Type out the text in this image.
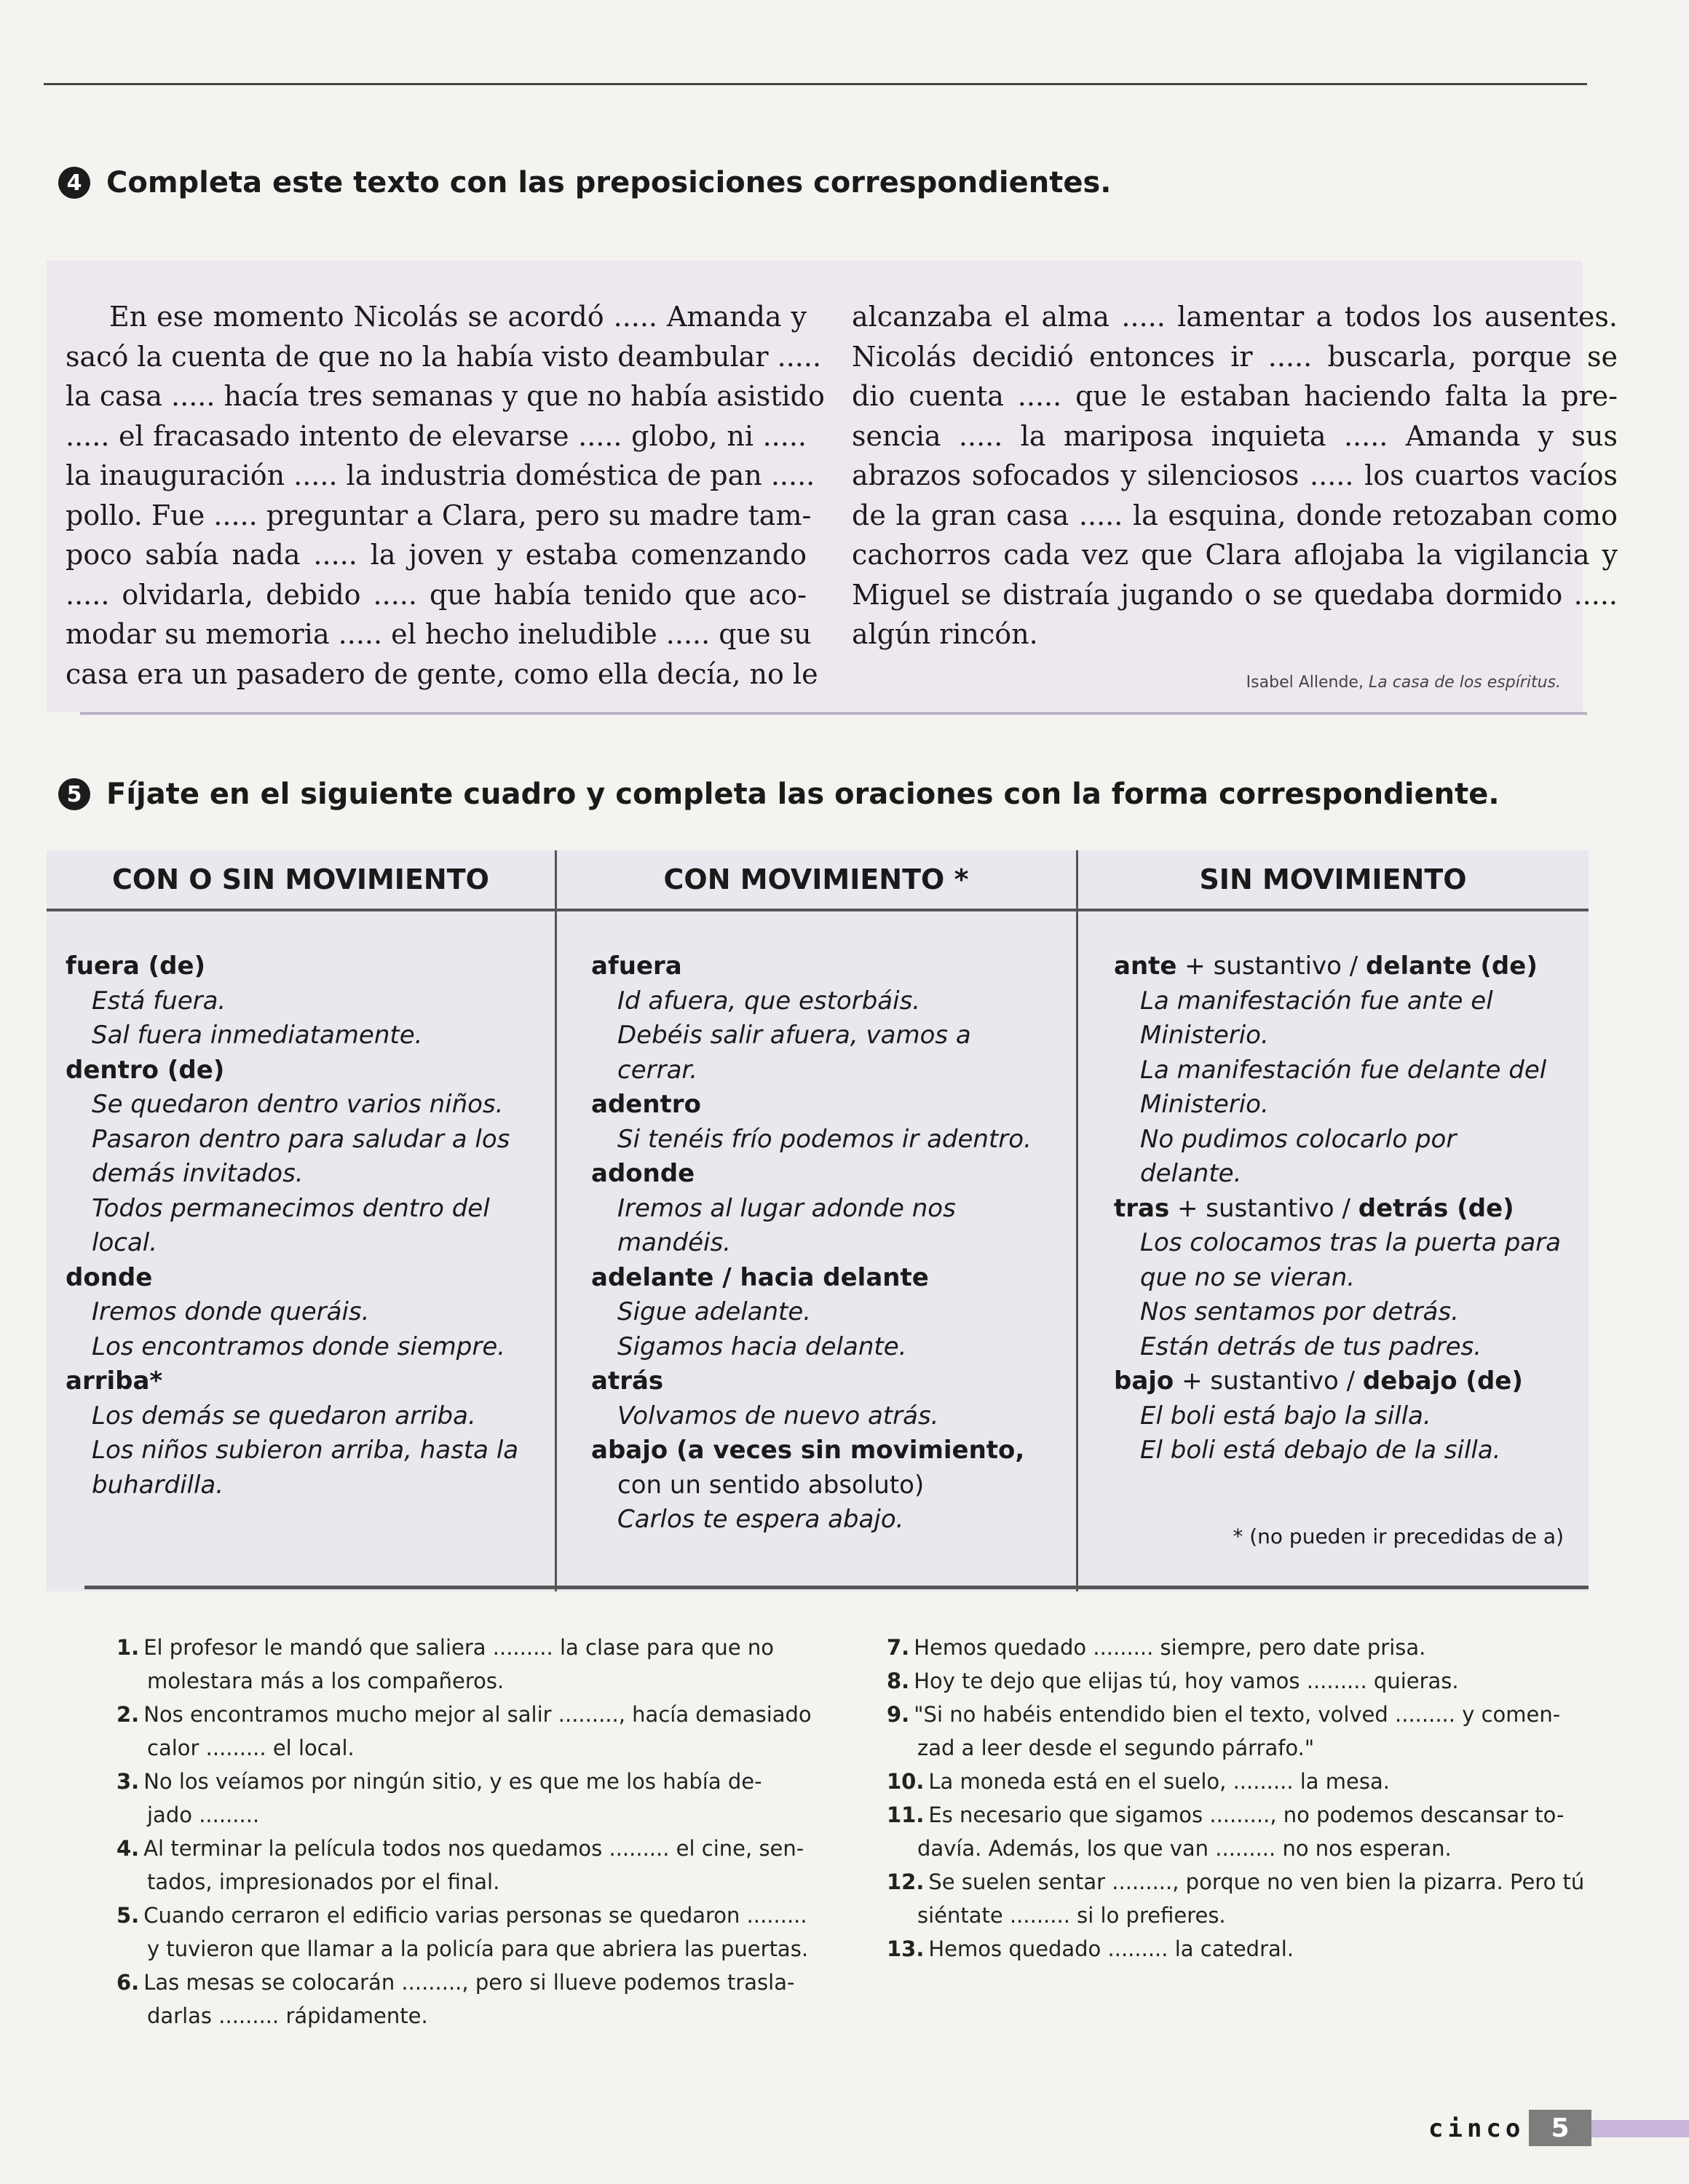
4 Completa este texto con las preposiciones correspondientes.
En ese momento Nicolás se acordó ..... Amanda y
sacó la cuenta de que no la había visto deambular .....
la casa ..... hacía tres semanas y que no había asistido
..... el fracasado intento de elevarse ..... globo, ni .....
la inauguración ..... la industria doméstica de pan .....
pollo. Fue ..... preguntar a Clara, pero su madre tam-
poco sabía nada ..... la joven y estaba comenzando
..... olvidarla, debido ..... que había tenido que aco-
modar su memoria ..... el hecho ineludible ..... que su
casa era un pasadero de gente, como ella decía, no le
alcanzaba el alma ..... lamentar a todos los ausentes.
Nicolás decidió entonces ir ..... buscarla, porque se
dio cuenta ..... que le estaban haciendo falta la pre-
sencia ..... la mariposa inquieta ..... Amanda y sus
abrazos sofocados y silenciosos ..... los cuartos vacíos
de la gran casa ..... la esquina, donde retozaban como
cachorros cada vez que Clara aflojaba la vigilancia y
Miguel se distraía jugando o se quedaba dormido .....
algún rincón.
Isabel Allende, La casa de los espíritus.
5 Fíjate en el siguiente cuadro y completa las oraciones con la forma correspondiente.
CON O SIN MOVIMIENTO	CON MOVIMIENTO *	SIN MOVIMIENTO
fuera (de)
Está fuera.
Sal fuera inmediatamente.
dentro (de)
Se quedaron dentro varios niños.
Pasaron dentro para saludar a los
demás invitados.
Todos permanecimos dentro del
local.
donde
Iremos donde queráis.
Los encontramos donde siempre.
arriba*
Los demás se quedaron arriba.
Los niños subieron arriba, hasta la
buhardilla.
afuera
Id afuera, que estorbáis.
Debéis salir afuera, vamos a
cerrar.
adentro
Si tenéis frío podemos ir adentro.
adonde
Iremos al lugar adonde nos
mandéis.
adelante / hacia delante
Sigue adelante.
Sigamos hacia delante.
atrás
Volvamos de nuevo atrás.
abajo (a veces sin movimiento,
con un sentido absoluto)
Carlos te espera abajo.
ante + sustantivo / delante (de)
La manifestación fue ante el
Ministerio.
La manifestación fue delante del
Ministerio.
No pudimos colocarlo por
delante.
tras + sustantivo / detrás (de)
Los colocamos tras la puerta para
que no se vieran.
Nos sentamos por detrás.
Están detrás de tus padres.
bajo + sustantivo / debajo (de)
El boli está bajo la silla.
El boli está debajo de la silla.
* (no pueden ir precedidas de a)
1. El profesor le mandó que saliera ......... la clase para que no
molestara más a los compañeros.
2. Nos encontramos mucho mejor al salir ........., hacía demasiado
calor ......... el local.
3. No los veíamos por ningún sitio, y es que me los había de-
jado .........
4. Al terminar la película todos nos quedamos ......... el cine, sen-
tados, impresionados por el final.
5. Cuando cerraron el edificio varias personas se quedaron .........
y tuvieron que llamar a la policía para que abriera las puertas.
6. Las mesas se colocarán ........., pero si llueve podemos trasla-
darlas ......... rápidamente.
7. Hemos quedado ......... siempre, pero date prisa.
8. Hoy te dejo que elijas tú, hoy vamos ......... quieras.
9. "Si no habéis entendido bien el texto, volved ......... y comen-
zad a leer desde el segundo párrafo."
10. La moneda está en el suelo, ......... la mesa.
11. Es necesario que sigamos ........., no podemos descansar to-
davía. Además, los que van ......... no nos esperan.
12. Se suelen sentar ........., porque no ven bien la pizarra. Pero tú
siéntate ......... si lo prefieres.
13. Hemos quedado ......... la catedral.
cinco	5
